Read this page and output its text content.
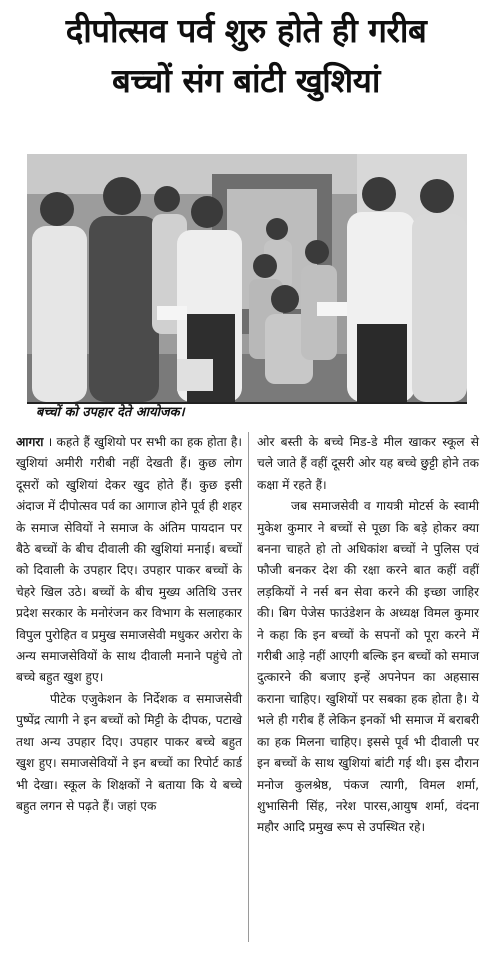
दीपोत्सव पर्व शुरु होते ही गरीब
बच्चों संग बांटी खुशियां
बच्चों को उपहार देते आयोजक।

आगरा । कहते हैं खुशियो पर सभी का हक होता है। खुशियां अमीरी गरीबी नहीं देखती हैं। कुछ लोग दूसरों को खुशियां देकर खुद होते हैं। कुछ इसी अंदाज में दीपोत्सव पर्व का आगाज होने पूर्व ही शहर के समाज सेवियों ने समाज के अंतिम पायदान पर बैठे बच्चों के बीच दीवाली की खुशियां मनाई। बच्चों को दिवाली के उपहार दिए। उपहार पाकर बच्चों के चेहरे खिल उठे। बच्चों के बीच मुख्य अतिथि उत्तर प्रदेश सरकार के मनोरंजन कर विभाग के सलाहकार विपुल पुरोहित व प्रमुख समाजसेवी मधुकर अरोरा के अन्य समाजसेवियों के साथ दीवाली मनाने पहुंचे तो बच्चे बहुत खुश हुए।

पीटेक एजुकेशन के निर्देशक व समाजसेवी पुष्पेंद्र त्यागी ने इन बच्चों को मिट्टी के दीपक, पटाखे तथा अन्य उपहार दिए। उपहार पाकर बच्चे बहुत खुश हुए। समाजसेवियों ने इन बच्चों का रिपोर्ट कार्ड भी देखा। स्कूल के शिक्षकों ने बताया कि ये बच्चे बहुत लगन से पढ़ते हैं। जहां एक

ओर बस्ती के बच्चे मिड-डे मील खाकर स्कूल से चले जाते हैं वहीं दूसरी ओर यह बच्चे छुट्टी होने तक कक्षा में रहते हैं।

जब समाजसेवी व गायत्री मोटर्स के स्वामी मुकेश कुमार ने बच्चों से पूछा कि बड़े होकर क्या बनना चाहते हो तो अधिकांश बच्चों ने पुलिस एवं फौजी बनकर देश की रक्षा करने बात कहीं वहीं लड़कियों ने नर्स बन सेवा करने की इच्छा जाहिर की। बिग पेजेस फाउंडेशन के अध्यक्ष विमल कुमार ने कहा कि इन बच्चों के सपनों को पूरा करने में गरीबी आड़े नहीं आएगी बल्कि इन बच्चों को समाज दुत्कारने की बजाए इन्हें अपनेपन का अहसास कराना चाहिए। खुशियों पर सबका हक होता है। ये भले ही गरीब हैं लेकिन इनकों भी समाज में बराबरी का हक मिलना चाहिए। इससे पूर्व भी दीवाली पर इन बच्चों के साथ खुशियां बांटी गई थी। इस दौरान मनोज कुलश्रेष्ठ, पंकज त्यागी, विमल शर्मा, शुभासिनी सिंह, नरेश पारस,आयुष शर्मा, वंदना महौर आदि प्रमुख रूप से उपस्थित रहे।
